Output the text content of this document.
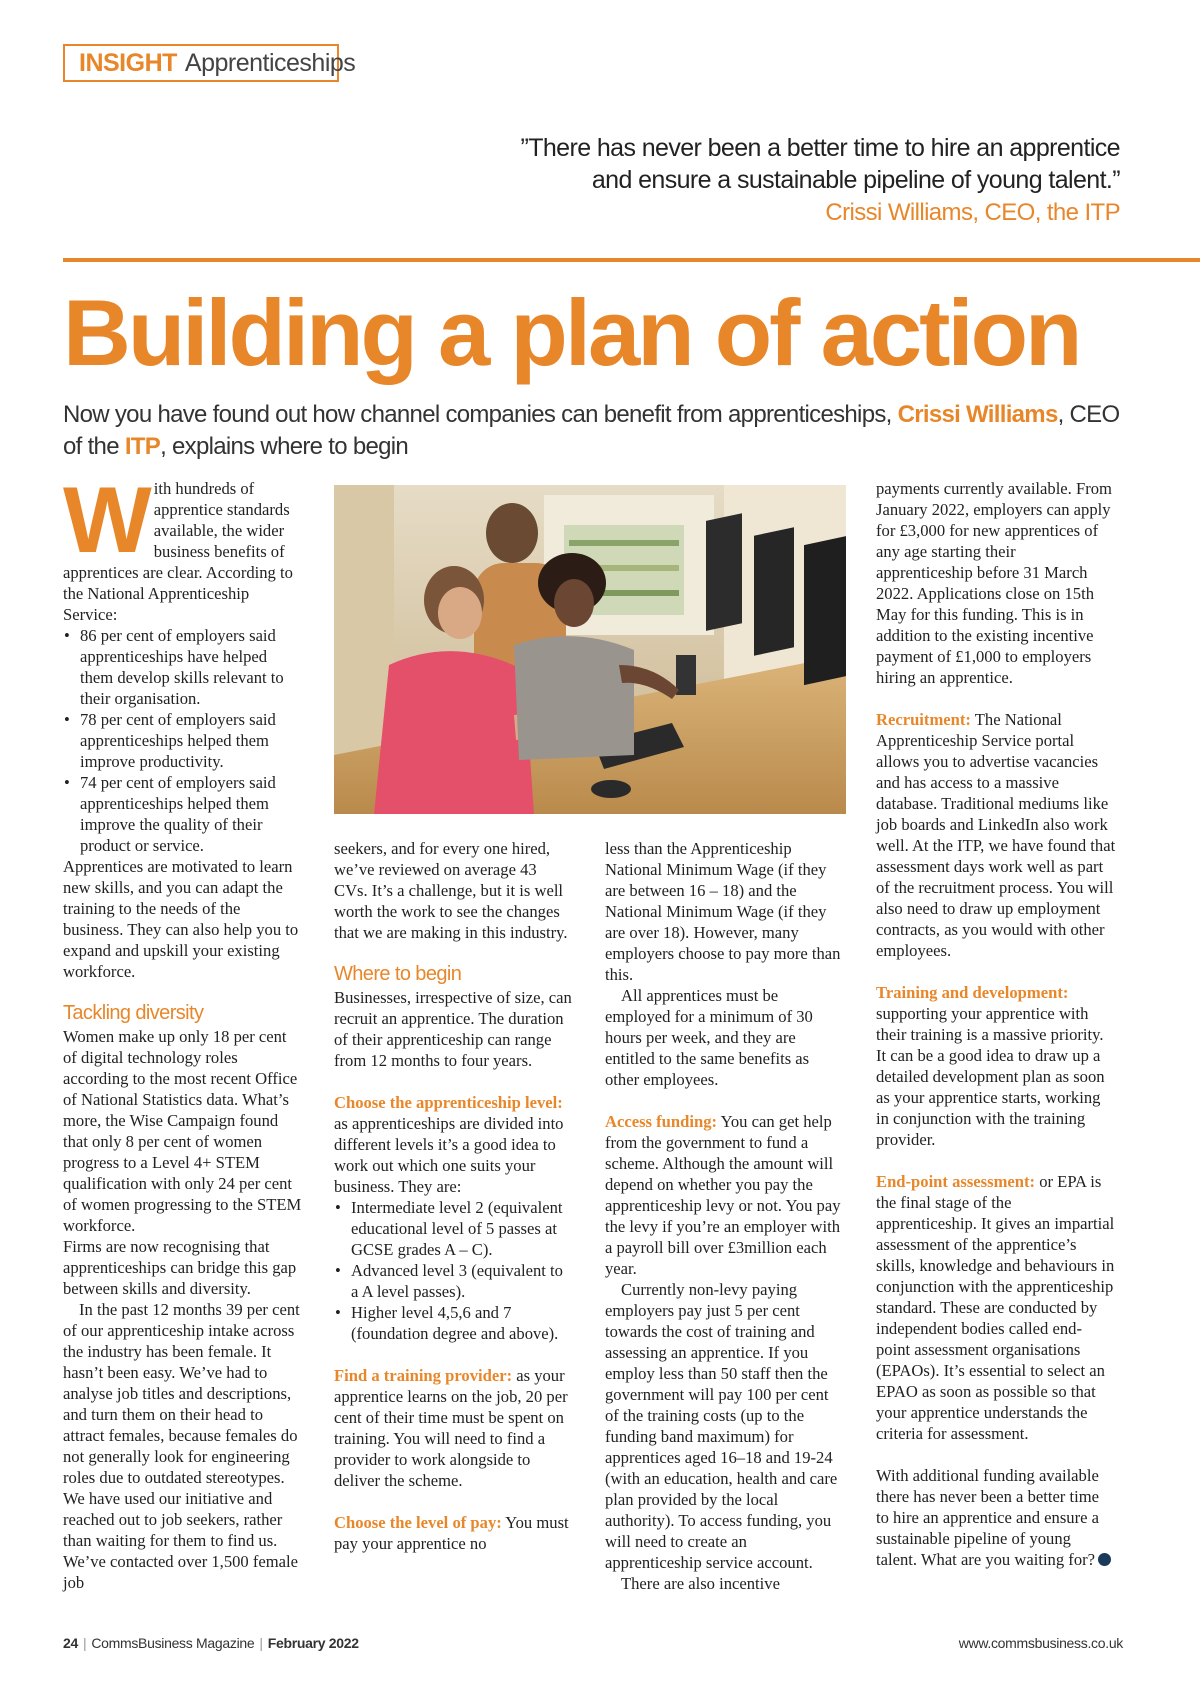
INSIGHT Apprenticeships
”There has never been a better time to hire an apprentice
and ensure a sustainable pipeline of young talent.”
Crissi Williams, CEO, the ITP
Building a plan of action
Now you have found out how channel companies can benefit from apprenticeships, Crissi Williams, CEO of the ITP, explains where to begin
W ith hundreds of apprentice standards available, the wider business benefits of apprentices are clear. According to the National Apprenticeship Service:

• 86 per cent of employers said apprenticeships have helped them develop skills relevant to their organisation.
• 78 per cent of employers said apprenticeships helped them improve productivity.
• 74 per cent of employers said apprenticeships helped them improve the quality of their product or service.

Apprentices are motivated to learn new skills, and you can adapt the training to the needs of the business. They can also help you to expand and upskill your existing workforce.

Tackling diversity

Women make up only 18 per cent of digital technology roles according to the most recent Office of National Statistics data. What’s more, the Wise Campaign found that only 8 per cent of women progress to a Level 4+ STEM qualification with only 24 per cent of women progressing to the STEM workforce.

Firms are now recognising that apprenticeships can bridge this gap between skills and diversity.

In the past 12 months 39 per cent of our apprenticeship intake across the industry has been female. It hasn’t been easy. We’ve had to analyse job titles and descriptions, and turn them on their head to attract females, because females do not generally look for engineering roles due to outdated stereotypes. We have used our initiative and reached out to job seekers, rather than waiting for them to find us. We’ve contacted over 1,500 female job

seekers, and for every one hired, we’ve reviewed on average 43 CVs. It’s a challenge, but it is well worth the work to see the changes that we are making in this industry.

Where to begin

Businesses, irrespective of size, can recruit an apprentice. The duration of their apprenticeship can range from 12 months to four years.

Choose the apprenticeship level: as apprenticeships are divided into different levels it’s a good idea to work out which one suits your business. They are:

• Intermediate level 2 (equivalent educational level of 5 passes at GCSE grades A – C).
• Advanced level 3 (equivalent to a A level passes).
• Higher level 4,5,6 and 7 (foundation degree and above).

Find a training provider: as your apprentice learns on the job, 20 per cent of their time must be spent on training. You will need to find a provider to work alongside to deliver the scheme.

Choose the level of pay: You must pay your apprentice no

less than the Apprenticeship National Minimum Wage (if they are between 16 – 18) and the National Minimum Wage (if they are over 18). However, many employers choose to pay more than this.

All apprentices must be employed for a minimum of 30 hours per week, and they are entitled to the same benefits as other employees.

Access funding: You can get help from the government to fund a scheme. Although the amount will depend on whether you pay the apprenticeship levy or not. You pay the levy if you’re an employer with a payroll bill over £3million each year.

Currently non-levy paying employers pay just 5 per cent towards the cost of training and assessing an apprentice. If you employ less than 50 staff then the government will pay 100 per cent of the training costs (up to the funding band maximum) for apprentices aged 16–18 and 19-24 (with an education, health and care plan provided by the local authority). To access funding, you will need to create an apprenticeship service account.

There are also incentive

payments currently available. From January 2022, employers can apply for £3,000 for new apprentices of any age starting their apprenticeship before 31 March 2022. Applications close on 15th May for this funding. This is in addition to the existing incentive payment of £1,000 to employers hiring an apprentice.

Recruitment: The National Apprenticeship Service portal allows you to advertise vacancies and has access to a massive database. Traditional mediums like job boards and LinkedIn also work well. At the ITP, we have found that assessment days work well as part of the recruitment process. You will also need to draw up employment contracts, as you would with other employees.

Training and development: supporting your apprentice with their training is a massive priority. It can be a good idea to draw up a detailed development plan as soon as your apprentice starts, working in conjunction with the training provider.

End-point assessment: or EPA is the final stage of the apprenticeship. It gives an impartial assessment of the apprentice’s skills, knowledge and behaviours in conjunction with the apprenticeship standard. These are conducted by independent bodies called end-point assessment organisations (EPAOs). It’s essential to select an EPAO as soon as possible so that your apprentice understands the criteria for assessment.

With additional funding available there has never been a better time to hire an apprentice and ensure a sustainable pipeline of young talent. What are you waiting for?

24 | CommsBusiness Magazine | February 2022	www.commsbusiness.co.uk
